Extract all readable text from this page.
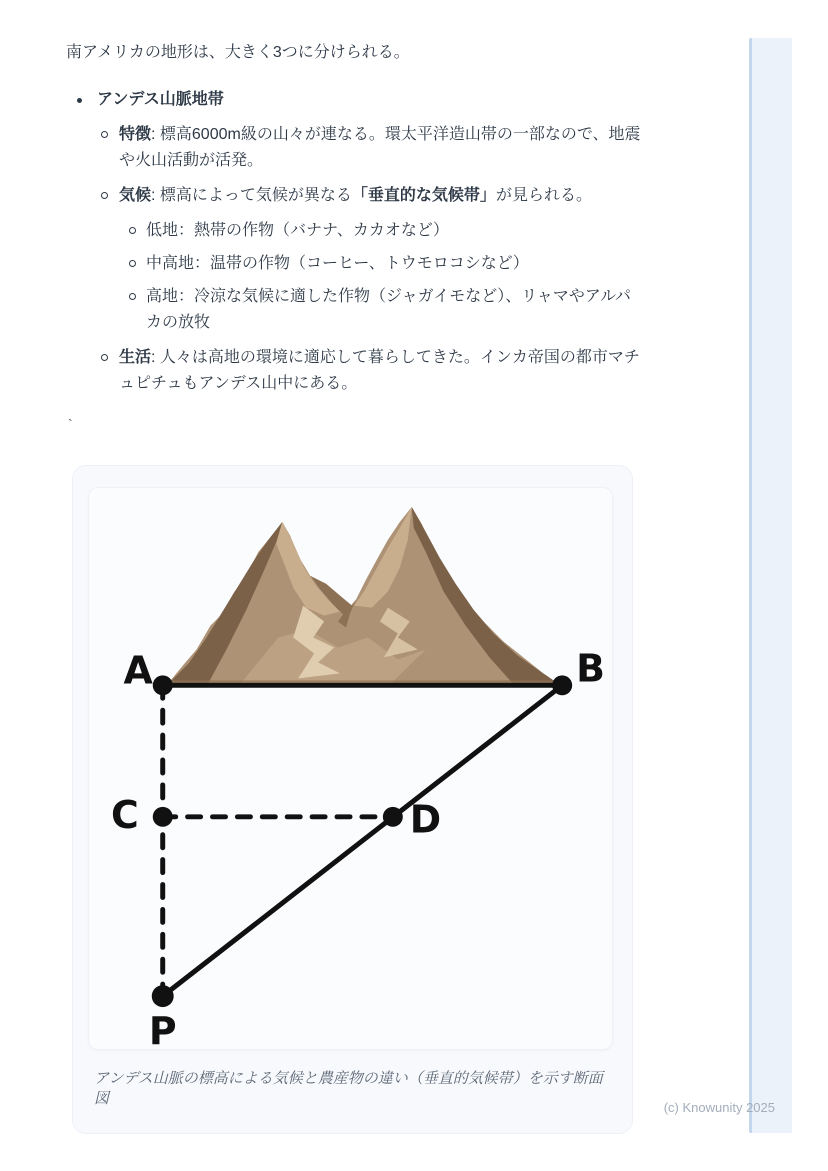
南アメリカの地形は、大きく3つに分けられる。

アンデス山脈地帯
特徴: 標高6000m級の山々が連なる。環太平洋造山帯の一部なので、地震や火山活動が活発。
気候: 標高によって気候が異なる「垂直的な気候帯」が見られる。
低地：熱帯の作物（バナナ、カカオなど）
中高地：温帯の作物（コーヒー、トウモロコシなど）
高地：冷涼な気候に適した作物（ジャガイモなど）、リャマやアルパカの放牧
生活: 人々は高地の環境に適応して暮らしてきた。インカ帝国の都市マチュピチュもアンデス山中にある。
`
A	B
C	D
P
アンデス山脈の標高による気候と農産物の違い（垂直的気候帯）を示す断面図
(c) Knowunity 2025
